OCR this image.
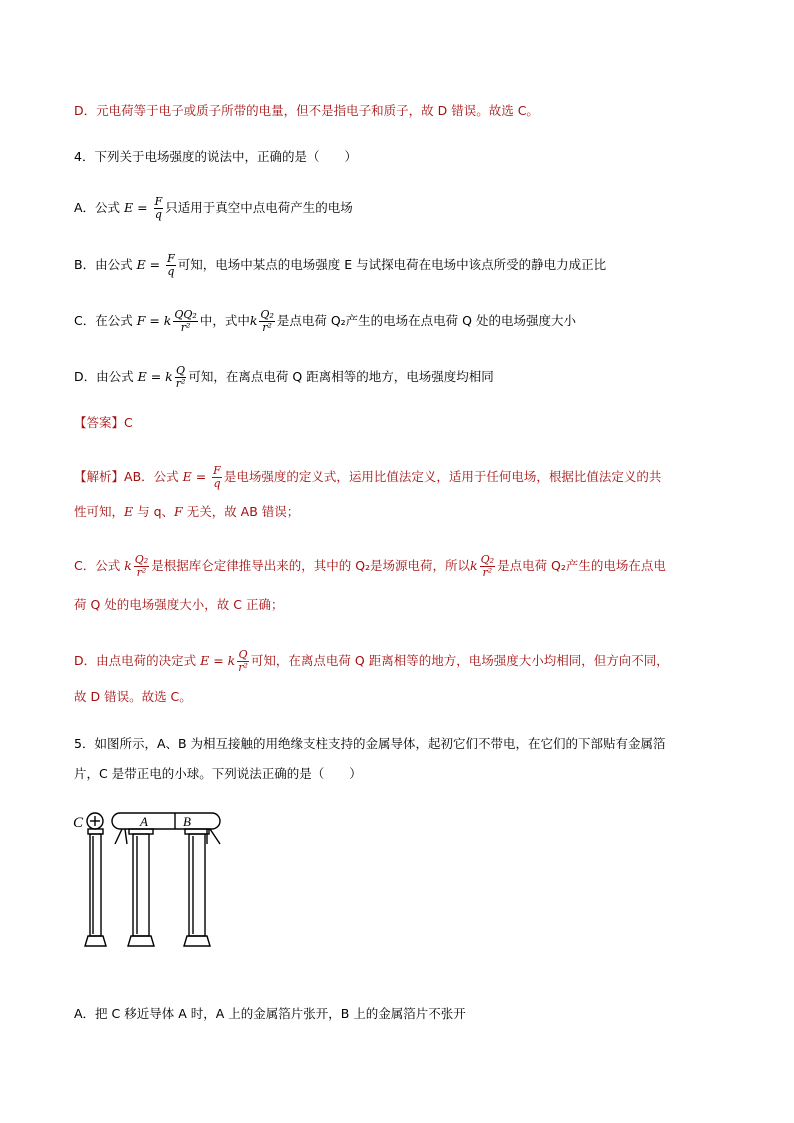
D．元电荷等于电子或质子所带的电量，但不是指电子和质子，故 D 错误。故选 C。
4．下列关于电场强度的说法中，正确的是（　　）
A．公式 $E = \frac{F}{q}$ 只适用于真空中点电荷产生的电场
B．由公式 $E = \frac{F}{q}$ 可知，电场中某点的电场强度 E 与试探电荷在电场中该点所受的静电力成正比
C．在公式 F = k $\frac{\text{QQ₂}}{\text{r²}}$ 中，式中k $\frac{\text{Q₂}}{\text{r²}}$ 是点电荷 Q₂产生的电场在点电荷 Q 处的电场强度大小
D．由公式 E = k $\frac{Q}{\text{r²}}$ 可知，在离点电荷 Q 距离相等的地方，电场强度均相同
【答案】C
【解析】AB．公式 $E = \frac{F}{q}$ 是电场强度的定义式，运用比值法定义，适用于任何电场，根据比值法定义的共
性可知，E 与 q、F 无关，故 AB 错误；
C．公式 k $\frac{\text{Q₂}}{\text{r²}}$ 是根据库仑定律推导出来的，其中的 Q₂是场源电荷，所以k $\frac{\text{Q₂}}{\text{r²}}$ 是点电荷 Q₂产生的电场在点电
荷 Q 处的电场强度大小，故 C 正确；
D．由点电荷的决定式 E = k $\frac{Q}{\text{r²}}$ 可知，在离点电荷 Q 距离相等的地方，电场强度大小均相同，但方向不同，
故 D 错误。故选 C。
5．如图所示，A、B 为相互接触的用绝缘支柱支持的金属导体，起初它们不带电，在它们的下部贴有金属箔
片，C 是带正电的小球。下列说法正确的是（　　）
C	A	B
A．把 C 移近导体 A 时，A 上的金属箔片张开，B 上的金属箔片不张开
